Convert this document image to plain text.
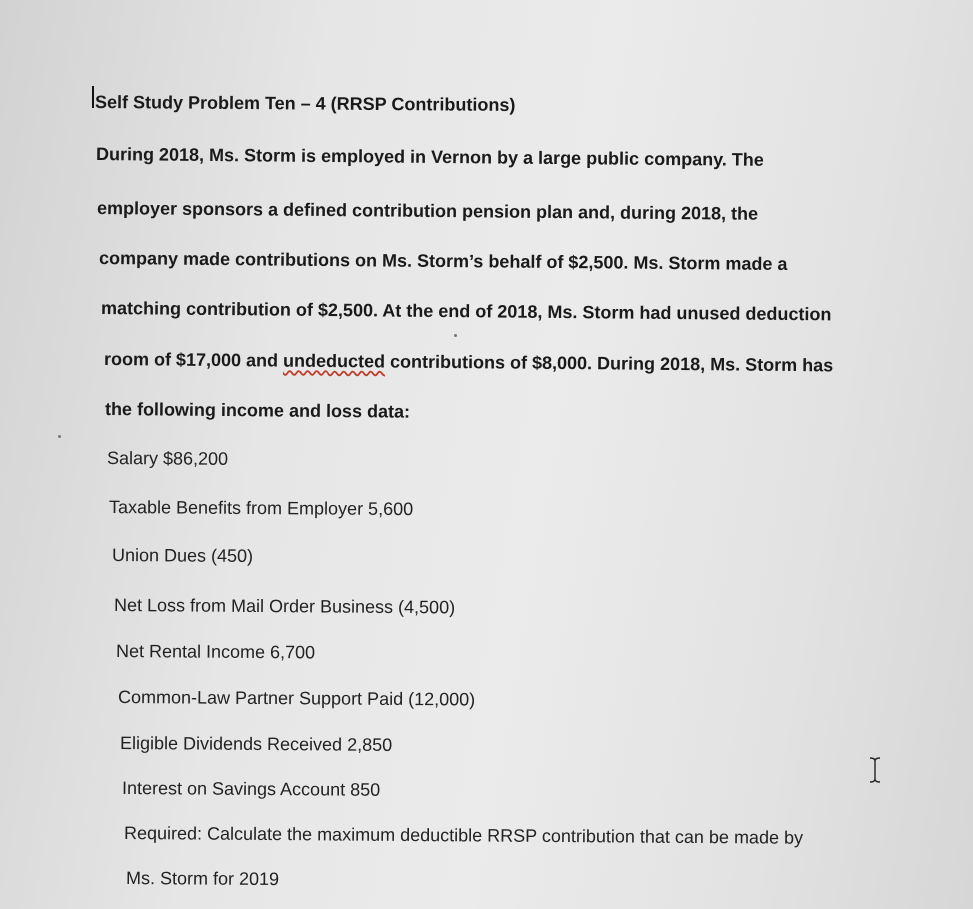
Self Study Problem Ten – 4 (RRSP Contributions)
During 2018, Ms. Storm is employed in Vernon by a large public company. The
employer sponsors a defined contribution pension plan and, during 2018, the
company made contributions on Ms. Storm’s behalf of $2,500. Ms. Storm made a
matching contribution of $2,500. At the end of 2018, Ms. Storm had unused deduction
room of $17,000 and undeducted contributions of $8,000. During 2018, Ms. Storm has
the following income and loss data:
Salary $86,200
Taxable Benefits from Employer 5,600
Union Dues (450)
Net Loss from Mail Order Business (4,500)
Net Rental Income 6,700
Common-Law Partner Support Paid (12,000)
Eligible Dividends Received 2,850
Interest on Savings Account 850
Required: Calculate the maximum deductible RRSP contribution that can be made by
Ms. Storm for 2019
